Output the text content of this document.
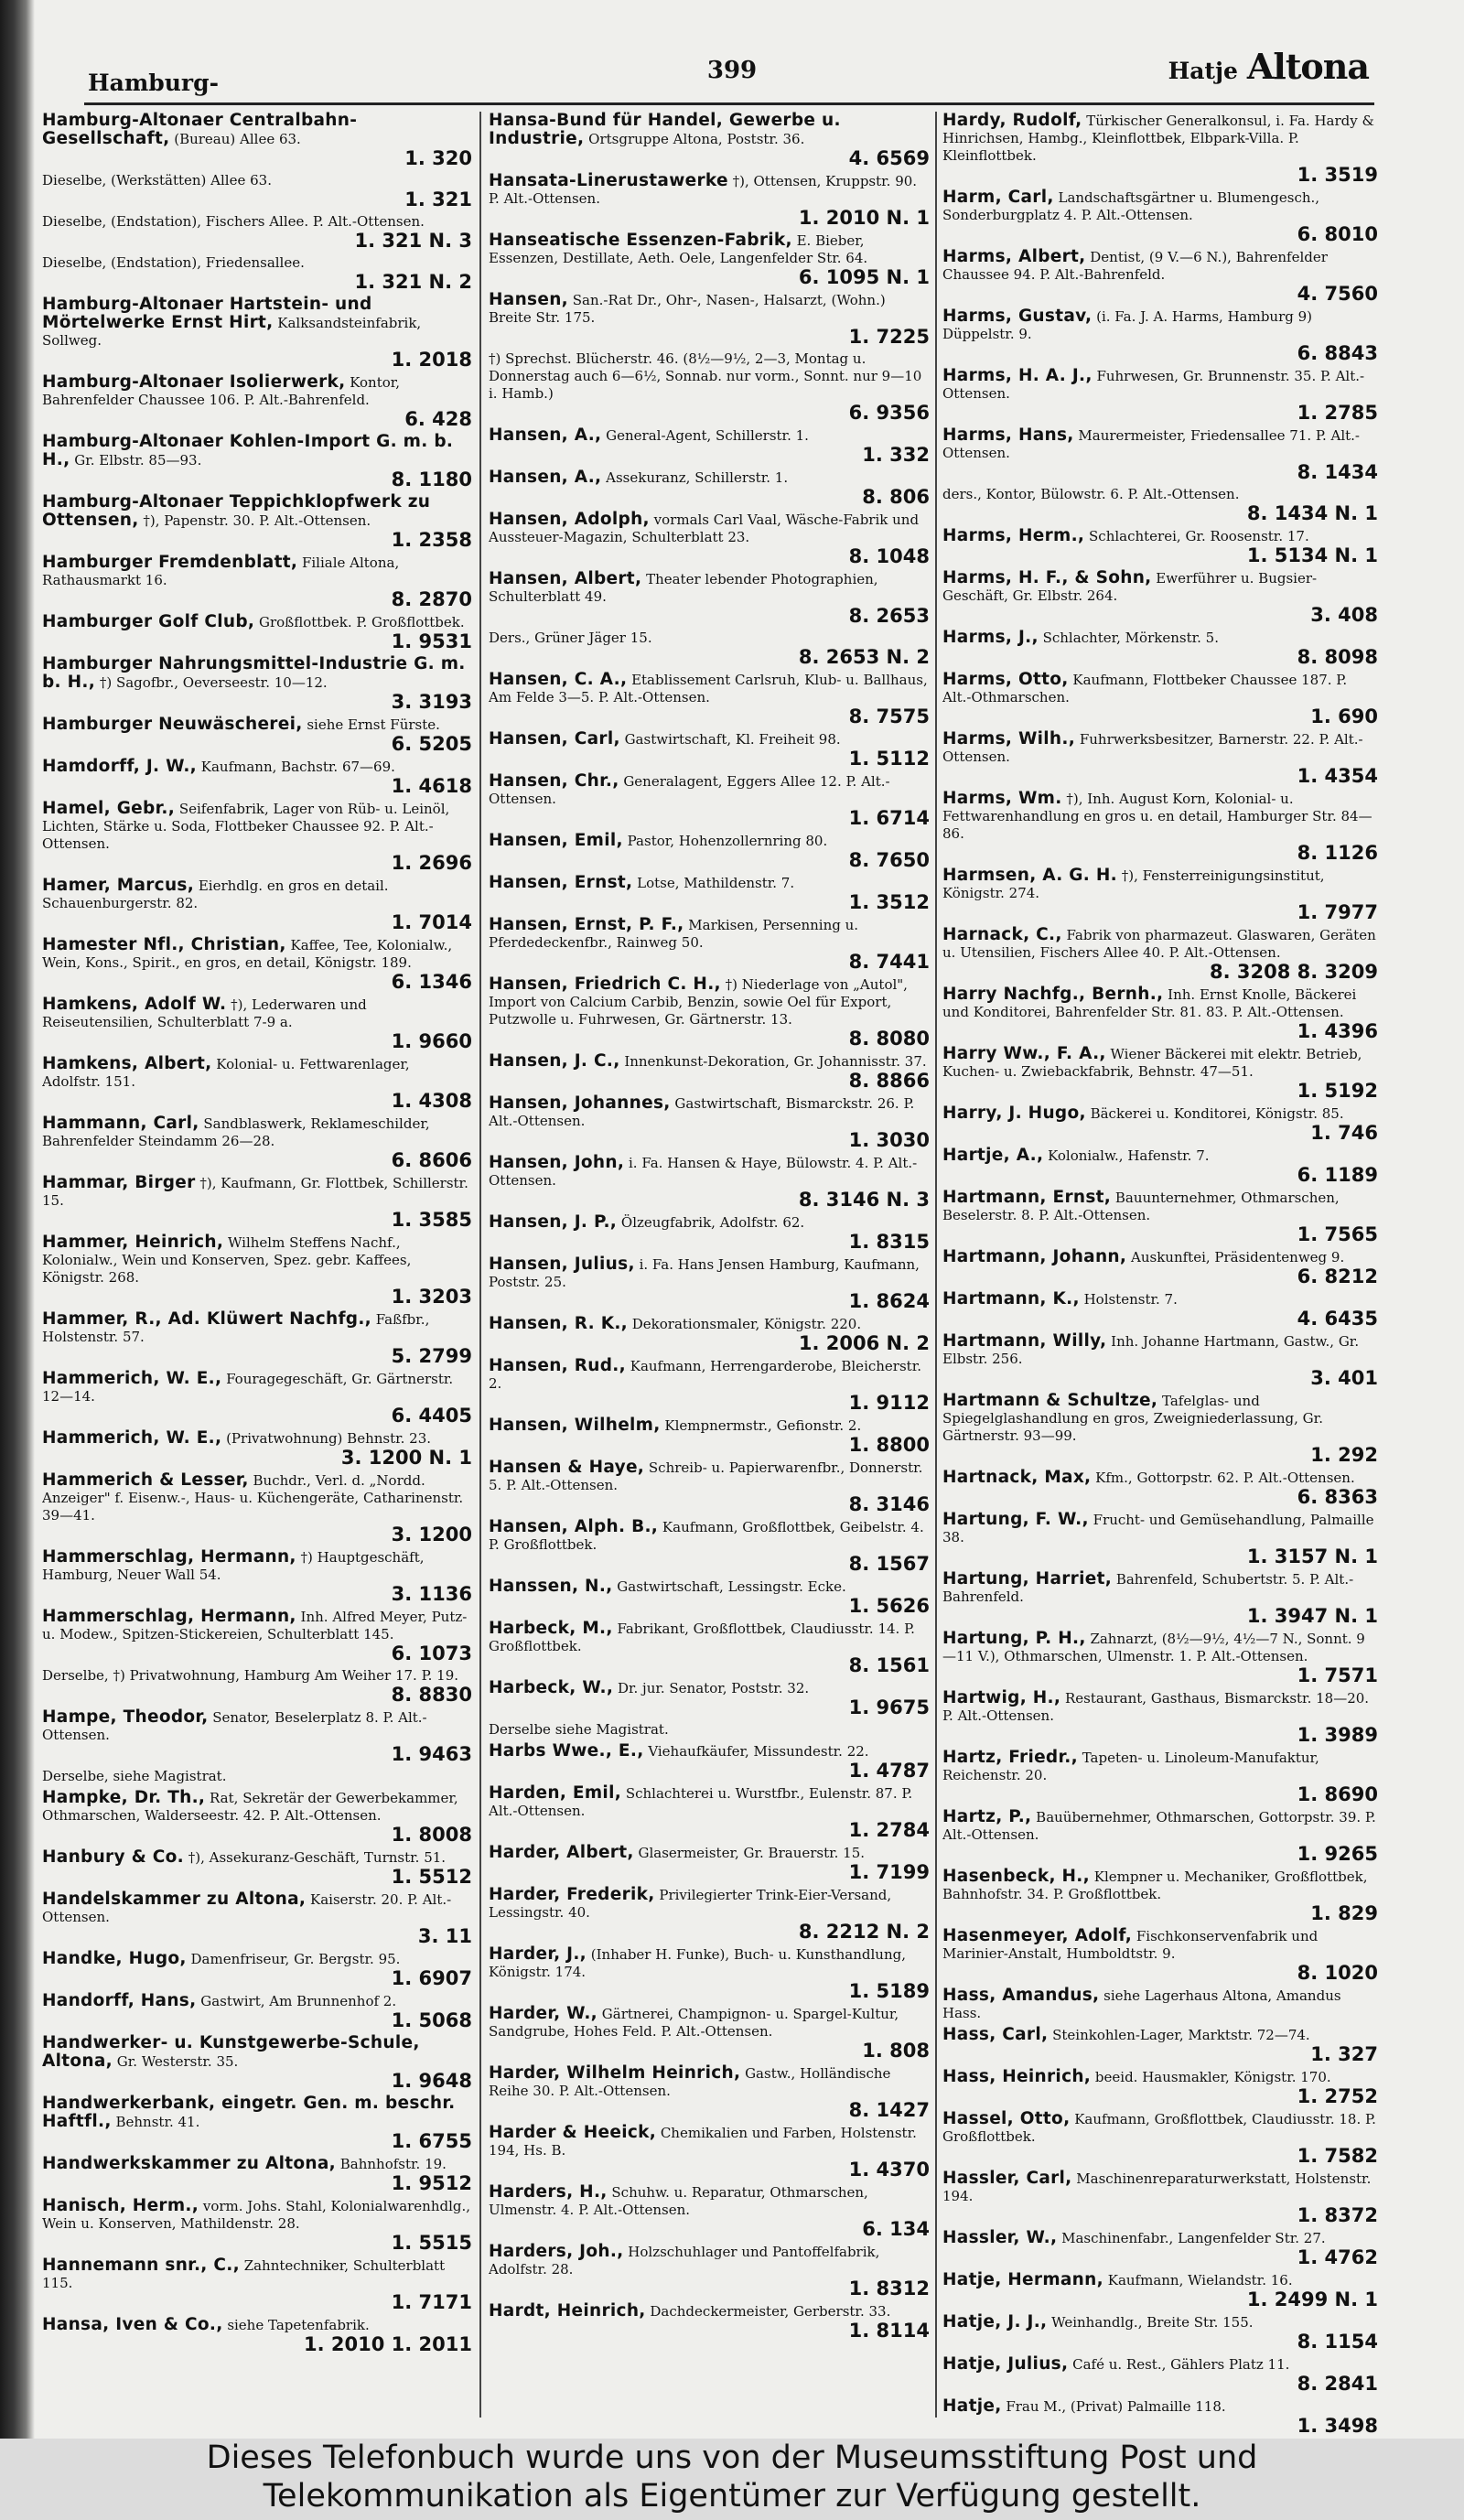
Hamburg-	399	Hatje Altona
Hamburg-Altonaer Centralbahn-Gesellschaft, (Bureau) Allee 63.
1. 320
Dieselbe, (Werkstätten) Allee 63.
1. 321
Dieselbe, (Endstation), Fischers Allee. P. Alt.-Ottensen.
1. 321 N. 3
Dieselbe, (Endstation), Friedensallee.
1. 321 N. 2
Hamburg-Altonaer Hartstein- und Mörtelwerke Ernst Hirt, Kalksandsteinfabrik, Sollweg.
1. 2018
Hamburg-Altonaer Isolierwerk, Kontor, Bahrenfelder Chaussee 106. P. Alt.-Bahrenfeld.
6. 428
Hamburg-Altonaer Kohlen-Import G. m. b. H., Gr. Elbstr. 85—93.
8. 1180
Hamburg-Altonaer Teppichklopfwerk zu Ottensen, †), Papenstr. 30. P. Alt.-Ottensen.
1. 2358
Hamburger Fremdenblatt, Filiale Altona, Rathausmarkt 16.
8. 2870
Hamburger Golf Club, Großflottbek. P. Großflottbek.
1. 9531
Hamburger Nahrungsmittel-Industrie G. m. b. H., †) Sagofbr., Oeverseestr. 10—12.
3. 3193
Hamburger Neuwäscherei, siehe Ernst Fürste.
6. 5205
Hamdorff, J. W., Kaufmann, Bachstr. 67—69.
1. 4618
Hamel, Gebr., Seifenfabrik, Lager von Rüb- u. Leinöl, Lichten, Stärke u. Soda, Flottbeker Chaussee 92. P. Alt.-Ottensen.
1. 2696
Hamer, Marcus, Eierhdlg. en gros en detail. Schauenburgerstr. 82.
1. 7014
Hamester Nfl., Christian, Kaffee, Tee, Kolonialw., Wein, Kons., Spirit., en gros, en detail, Königstr. 189.
6. 1346
Hamkens, Adolf W. †), Lederwaren und Reiseutensilien, Schulterblatt 7-9 a.
1. 9660
Hamkens, Albert, Kolonial- u. Fettwarenlager, Adolfstr. 151.
1. 4308
Hammann, Carl, Sandblaswerk, Reklameschilder, Bahrenfelder Steindamm 26—28.
6. 8606
Hammar, Birger †), Kaufmann, Gr. Flottbek, Schillerstr. 15.
1. 3585
Hammer, Heinrich, Wilhelm Steffens Nachf., Kolonialw., Wein und Konserven, Spez. gebr. Kaffees, Königstr. 268.
1. 3203
Hammer, R., Ad. Klüwert Nachfg., Faßfbr., Holstenstr. 57.
5. 2799
Hammerich, W. E., Fouragegeschäft, Gr. Gärtnerstr. 12—14.
6. 4405
Hammerich, W. E., (Privatwohnung) Behnstr. 23.
3. 1200 N. 1
Hammerich & Lesser, Buchdr., Verl. d. „Nordd. Anzeiger" f. Eisenw.-, Haus- u. Küchengeräte, Catharinenstr. 39—41.
3. 1200
Hammerschlag, Hermann, †) Hauptgeschäft, Hamburg, Neuer Wall 54.
3. 1136
Hammerschlag, Hermann, Inh. Alfred Meyer, Putz- u. Modew., Spitzen-Stickereien, Schulterblatt 145.
6. 1073
Derselbe, †) Privatwohnung, Hamburg Am Weiher 17. P. 19.
8. 8830
Hampe, Theodor, Senator, Beselerplatz 8. P. Alt.-Ottensen.
1. 9463
Derselbe, siehe Magistrat.
Hampke, Dr. Th., Rat, Sekretär der Gewerbekammer, Othmarschen, Walderseestr. 42. P. Alt.-Ottensen.
1. 8008
Hanbury & Co. †), Assekuranz-Geschäft, Turnstr. 51.
1. 5512
Handelskammer zu Altona, Kaiserstr. 20. P. Alt.-Ottensen.
3. 11
Handke, Hugo, Damenfriseur, Gr. Bergstr. 95.
1. 6907
Handorff, Hans, Gastwirt, Am Brunnenhof 2.
1. 5068
Handwerker- u. Kunstgewerbe-Schule, Altona, Gr. Westerstr. 35.
1. 9648
Handwerkerbank, eingetr. Gen. m. beschr. Haftfl., Behnstr. 41.
1. 6755
Handwerkskammer zu Altona, Bahnhofstr. 19.
1. 9512
Hanisch, Herm., vorm. Johs. Stahl, Kolonialwarenhdlg., Wein u. Konserven, Mathildenstr. 28.
1. 5515
Hannemann snr., C., Zahntechniker, Schulterblatt 115.
1. 7171
Hansa, Iven & Co., siehe Tapetenfabrik.
1. 2010 1. 2011
Hansa-Bund für Handel, Gewerbe u. Industrie, Ortsgruppe Altona, Poststr. 36.
4. 6569
Hansata-Linerustawerke †), Ottensen, Kruppstr. 90. P. Alt.-Ottensen.
1. 2010 N. 1
Hanseatische Essenzen-Fabrik, E. Bieber, Essenzen, Destillate, Aeth. Oele, Langenfelder Str. 64.
6. 1095 N. 1
Hansen, San.-Rat Dr., Ohr-, Nasen-, Halsarzt, (Wohn.) Breite Str. 175.
1. 7225
†) Sprechst. Blücherstr. 46. (8½—9½, 2—3, Montag u. Donnerstag auch 6—6½, Sonnab. nur vorm., Sonnt. nur 9—10 i. Hamb.)
6. 9356
Hansen, A., General-Agent, Schillerstr. 1.
1. 332
Hansen, A., Assekuranz, Schillerstr. 1.
8. 806
Hansen, Adolph, vormals Carl Vaal, Wäsche-Fabrik und Aussteuer-Magazin, Schulterblatt 23.
8. 1048
Hansen, Albert, Theater lebender Photographien, Schulterblatt 49.
8. 2653
Ders., Grüner Jäger 15.
8. 2653 N. 2
Hansen, C. A., Etablissement Carlsruh, Klub- u. Ballhaus, Am Felde 3—5. P. Alt.-Ottensen.
8. 7575
Hansen, Carl, Gastwirtschaft, Kl. Freiheit 98.
1. 5112
Hansen, Chr., Generalagent, Eggers Allee 12. P. Alt.-Ottensen.
1. 6714
Hansen, Emil, Pastor, Hohenzollernring 80.
8. 7650
Hansen, Ernst, Lotse, Mathildenstr. 7.
1. 3512
Hansen, Ernst, P. F., Markisen, Persenning u. Pferdedeckenfbr., Rainweg 50.
8. 7441
Hansen, Friedrich C. H., †) Niederlage von „Autol", Import von Calcium Carbib, Benzin, sowie Oel für Export, Putzwolle u. Fuhrwesen, Gr. Gärtnerstr. 13.
8. 8080
Hansen, J. C., Innenkunst-Dekoration, Gr. Johannisstr. 37.
8. 8866
Hansen, Johannes, Gastwirtschaft, Bismarckstr. 26. P. Alt.-Ottensen.
1. 3030
Hansen, John, i. Fa. Hansen & Haye, Bülowstr. 4. P. Alt.-Ottensen.
8. 3146 N. 3
Hansen, J. P., Ölzeugfabrik, Adolfstr. 62.
1. 8315
Hansen, Julius, i. Fa. Hans Jensen Hamburg, Kaufmann, Poststr. 25.
1. 8624
Hansen, R. K., Dekorationsmaler, Königstr. 220.
1. 2006 N. 2
Hansen, Rud., Kaufmann, Herrengarderobe, Bleicherstr. 2.
1. 9112
Hansen, Wilhelm, Klempnermstr., Gefionstr. 2.
1. 8800
Hansen & Haye, Schreib- u. Papierwarenfbr., Donnerstr. 5. P. Alt.-Ottensen.
8. 3146
Hansen, Alph. B., Kaufmann, Großflottbek, Geibelstr. 4. P. Großflottbek.
8. 1567
Hanssen, N., Gastwirtschaft, Lessingstr. Ecke.
1. 5626
Harbeck, M., Fabrikant, Großflottbek, Claudiusstr. 14. P. Großflottbek.
8. 1561
Harbeck, W., Dr. jur. Senator, Poststr. 32.
1. 9675
Derselbe siehe Magistrat.
Harbs Wwe., E., Viehaufkäufer, Missundestr. 22.
1. 4787
Harden, Emil, Schlachterei u. Wurstfbr., Eulenstr. 87. P. Alt.-Ottensen.
1. 2784
Harder, Albert, Glasermeister, Gr. Brauerstr. 15.
1. 7199
Harder, Frederik, Privilegierter Trink-Eier-Versand, Lessingstr. 40.
8. 2212 N. 2
Harder, J., (Inhaber H. Funke), Buch- u. Kunsthandlung, Königstr. 174.
1. 5189
Harder, W., Gärtnerei, Champignon- u. Spargel-Kultur, Sandgrube, Hohes Feld. P. Alt.-Ottensen.
1. 808
Harder, Wilhelm Heinrich, Gastw., Holländische Reihe 30. P. Alt.-Ottensen.
8. 1427
Harder & Heeick, Chemikalien und Farben, Holstenstr. 194, Hs. B.
1. 4370
Harders, H., Schuhw. u. Reparatur, Othmarschen, Ulmenstr. 4. P. Alt.-Ottensen.
6. 134
Harders, Joh., Holzschuhlager und Pantoffelfabrik, Adolfstr. 28.
1. 8312
Hardt, Heinrich, Dachdeckermeister, Gerberstr. 33.
1. 8114
Hardy, Rudolf, Türkischer Generalkonsul, i. Fa. Hardy & Hinrichsen, Hambg., Kleinflottbek, Elbpark-Villa. P. Kleinflottbek.
1. 3519
Harm, Carl, Landschaftsgärtner u. Blumengesch., Sonderburgplatz 4. P. Alt.-Ottensen.
6. 8010
Harms, Albert, Dentist, (9 V.—6 N.), Bahrenfelder Chaussee 94. P. Alt.-Bahrenfeld.
4. 7560
Harms, Gustav, (i. Fa. J. A. Harms, Hamburg 9) Düppelstr. 9.
6. 8843
Harms, H. A. J., Fuhrwesen, Gr. Brunnenstr. 35. P. Alt.-Ottensen.
1. 2785
Harms, Hans, Maurermeister, Friedensallee 71. P. Alt.-Ottensen.
8. 1434
ders., Kontor, Bülowstr. 6. P. Alt.-Ottensen.
8. 1434 N. 1
Harms, Herm., Schlachterei, Gr. Roosenstr. 17.
1. 5134 N. 1
Harms, H. F., & Sohn, Ewerführer u. Bugsier-Geschäft, Gr. Elbstr. 264.
3. 408
Harms, J., Schlachter, Mörkenstr. 5.
8. 8098
Harms, Otto, Kaufmann, Flottbeker Chaussee 187. P. Alt.-Othmarschen.
1. 690
Harms, Wilh., Fuhrwerksbesitzer, Barnerstr. 22. P. Alt.-Ottensen.
1. 4354
Harms, Wm. †), Inh. August Korn, Kolonial- u. Fettwarenhandlung en gros u. en detail, Hamburger Str. 84—86.
8. 1126
Harmsen, A. G. H. †), Fensterreinigungsinstitut, Königstr. 274.
1. 7977
Harnack, C., Fabrik von pharmazeut. Glaswaren, Geräten u. Utensilien, Fischers Allee 40. P. Alt.-Ottensen.
8. 3208 8. 3209
Harry Nachfg., Bernh., Inh. Ernst Knolle, Bäckerei und Konditorei, Bahrenfelder Str. 81. 83. P. Alt.-Ottensen.
1. 4396
Harry Ww., F. A., Wiener Bäckerei mit elektr. Betrieb, Kuchen- u. Zwiebackfabrik, Behnstr. 47—51.
1. 5192
Harry, J. Hugo, Bäckerei u. Konditorei, Königstr. 85.
1. 746
Hartje, A., Kolonialw., Hafenstr. 7.
6. 1189
Hartmann, Ernst, Bauunternehmer, Othmarschen, Beselerstr. 8. P. Alt.-Ottensen.
1. 7565
Hartmann, Johann, Auskunftei, Präsidentenweg 9.
6. 8212
Hartmann, K., Holstenstr. 7.
4. 6435
Hartmann, Willy, Inh. Johanne Hartmann, Gastw., Gr. Elbstr. 256.
3. 401
Hartmann & Schultze, Tafelglas- und Spiegelglashandlung en gros, Zweigniederlassung, Gr. Gärtnerstr. 93—99.
1. 292
Hartnack, Max, Kfm., Gottorpstr. 62. P. Alt.-Ottensen.
6. 8363
Hartung, F. W., Frucht- und Gemüsehandlung, Palmaille 38.
1. 3157 N. 1
Hartung, Harriet, Bahrenfeld, Schubertstr. 5. P. Alt.-Bahrenfeld.
1. 3947 N. 1
Hartung, P. H., Zahnarzt, (8½—9½, 4½—7 N., Sonnt. 9—11 V.), Othmarschen, Ulmenstr. 1. P. Alt.-Ottensen.
1. 7571
Hartwig, H., Restaurant, Gasthaus, Bismarckstr. 18—20. P. Alt.-Ottensen.
1. 3989
Hartz, Friedr., Tapeten- u. Linoleum-Manufaktur, Reichenstr. 20.
1. 8690
Hartz, P., Bauübernehmer, Othmarschen, Gottorpstr. 39. P. Alt.-Ottensen.
1. 9265
Hasenbeck, H., Klempner u. Mechaniker, Großflottbek, Bahnhofstr. 34. P. Großflottbek.
1. 829
Hasenmeyer, Adolf, Fischkonservenfabrik und Marinier-Anstalt, Humboldtstr. 9.
8. 1020
Hass, Amandus, siehe Lagerhaus Altona, Amandus Hass.
Hass, Carl, Steinkohlen-Lager, Marktstr. 72—74.
1. 327
Hass, Heinrich, beeid. Hausmakler, Königstr. 170.
1. 2752
Hassel, Otto, Kaufmann, Großflottbek, Claudiusstr. 18. P. Großflottbek.
1. 7582
Hassler, Carl, Maschinenreparaturwerkstatt, Holstenstr. 194.
1. 8372
Hassler, W., Maschinenfabr., Langenfelder Str. 27.
1. 4762
Hatje, Hermann, Kaufmann, Wielandstr. 16.
1. 2499 N. 1
Hatje, J. J., Weinhandlg., Breite Str. 155.
8. 1154
Hatje, Julius, Café u. Rest., Gählers Platz 11.
8. 2841
Hatje, Frau M., (Privat) Palmaille 118.
1. 3498
Dieses Telefonbuch wurde uns von der Museumsstiftung Post und
Telekommunikation als Eigentümer zur Verfügung gestellt.
